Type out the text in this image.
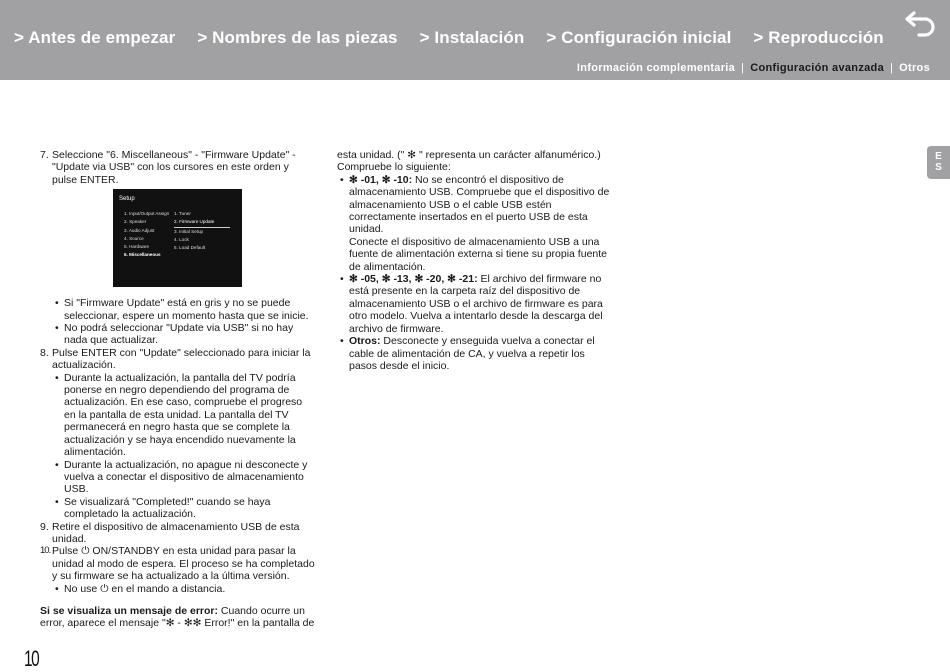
> Antes de empezar > Nombres de las piezas > Instalación > Configuración inicial > Reproducción
Información complementaria | Configuración avanzada | Otros
ES
7. Seleccione "6. Miscellaneous" - "Firmware Update" - "Update via USB" con los cursores en este orden y pulse ENTER.
Setup
1. Input/Output Assign
2. Speaker
3. Audio Adjust
4. Source
5. Hardware
6. Miscellaneous
1. Tuner
2. Firmware Update
3. Initial Setup
4. Lock
5. Load Default
• Si "Firmware Update" está en gris y no se puede seleccionar, espere un momento hasta que se inicie.
• No podrá seleccionar "Update via USB" si no hay nada que actualizar.
8. Pulse ENTER con "Update" seleccionado para iniciar la actualización.
• Durante la actualización, la pantalla del TV podría ponerse en negro dependiendo del programa de actualización. En ese caso, compruebe el progreso en la pantalla de esta unidad. La pantalla del TV permanecerá en negro hasta que se complete la actualización y se haya encendido nuevamente la alimentación.
• Durante la actualización, no apague ni desconecte y vuelva a conectar el dispositivo de almacenamiento USB.
• Se visualizará "Completed!" cuando se haya completado la actualización.
9. Retire el dispositivo de almacenamiento USB de esta unidad.
10. Pulse ⏻ ON/STANDBY en esta unidad para pasar la unidad al modo de espera. El proceso se ha completado y su firmware se ha actualizado a la última versión.
• No use ⏻ en el mando a distancia.
Si se visualiza un mensaje de error: Cuando ocurre un error, aparece el mensaje "✻ - ✻✻ Error!" en la pantalla de
esta unidad. (" ✻ " representa un carácter alfanumérico.) Compruebe lo siguiente:
• ✻ -01, ✻ -10: No se encontró el dispositivo de almacenamiento USB. Compruebe que el dispositivo de almacenamiento USB o el cable USB estén correctamente insertados en el puerto USB de esta unidad.
Conecte el dispositivo de almacenamiento USB a una fuente de alimentación externa si tiene su propia fuente de alimentación.
• ✻ -05, ✻ -13, ✻ -20, ✻ -21: El archivo del firmware no está presente en la carpeta raíz del dispositivo de almacenamiento USB o el archivo de firmware es para otro modelo. Vuelva a intentarlo desde la descarga del archivo de firmware.
• Otros: Desconecte y enseguida vuelva a conectar el cable de alimentación de CA, y vuelva a repetir los pasos desde el inicio.
10
